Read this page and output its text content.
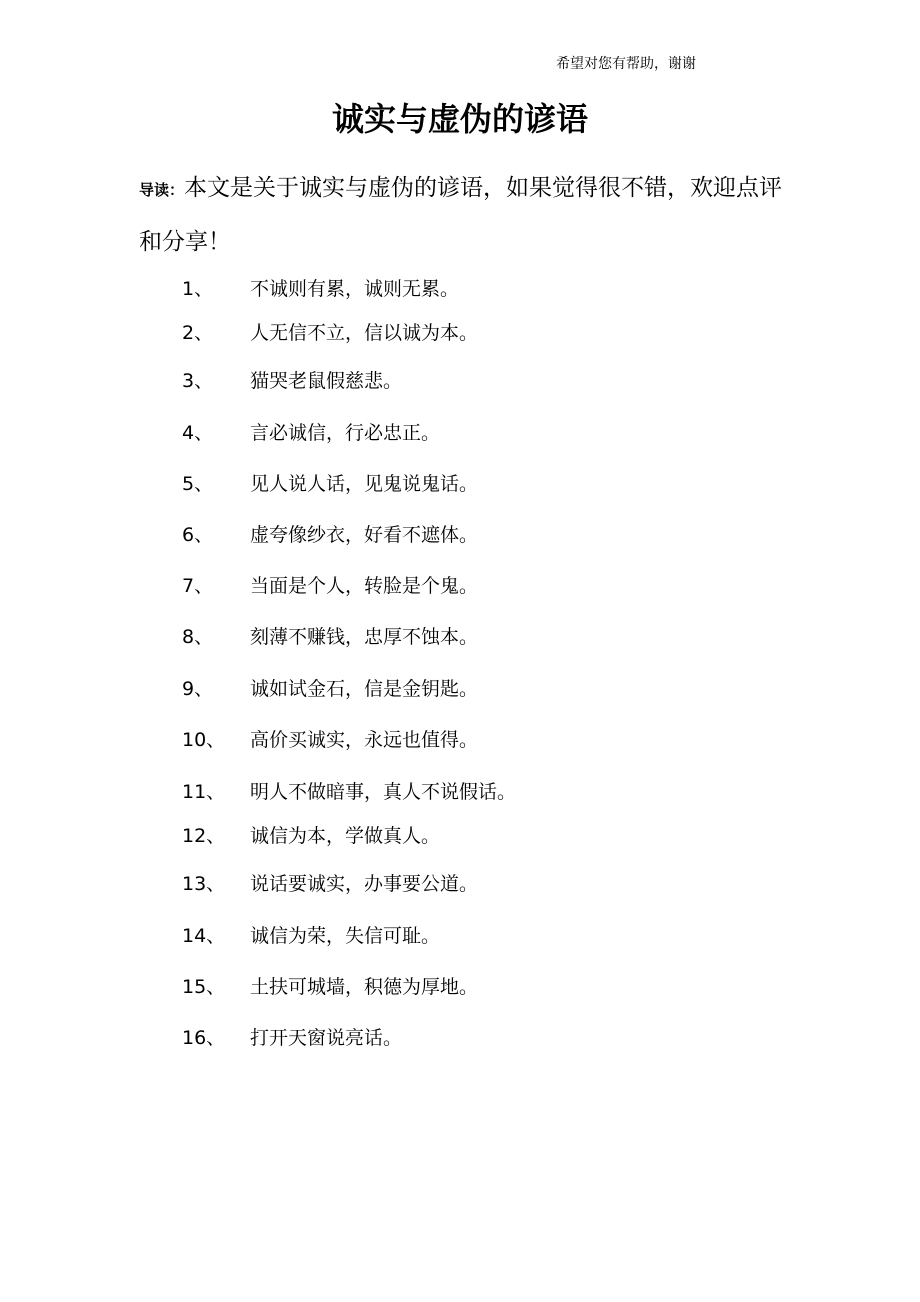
希望对您有帮助，谢谢
诚实与虚伪的谚语

导读：本文是关于诚实与虚伪的谚语，如果觉得很不错，欢迎点评和分享！

1、 不诚则有累，诚则无累。
2、 人无信不立，信以诚为本。
3、 猫哭老鼠假慈悲。
4、 言必诚信，行必忠正。
5、 见人说人话，见鬼说鬼话。
6、 虚夸像纱衣，好看不遮体。
7、 当面是个人，转脸是个鬼。
8、 刻薄不赚钱，忠厚不蚀本。
9、 诚如试金石，信是金钥匙。
10、 高价买诚实，永远也值得。
11、 明人不做暗事，真人不说假话。
12、 诚信为本，学做真人。
13、 说话要诚实，办事要公道。
14、 诚信为荣，失信可耻。
15、 土扶可城墙，积德为厚地。
16、 打开天窗说亮话。
